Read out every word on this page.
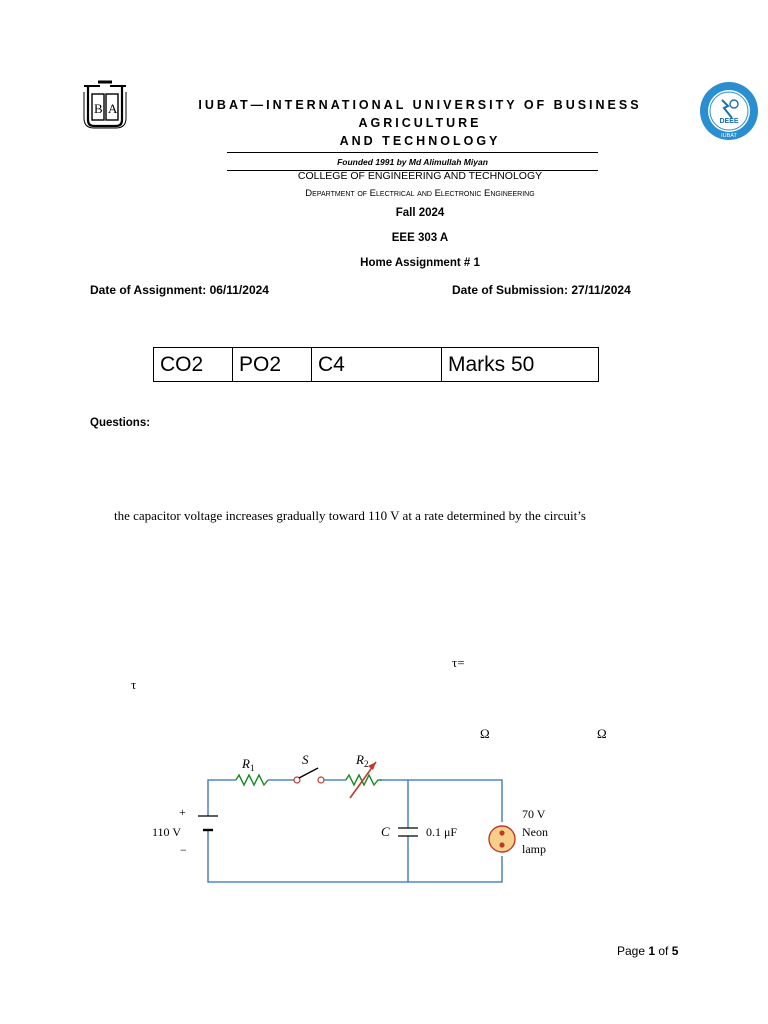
B A	IUBAT—INTERNATIONAL UNIVERSITY OF BUSINESS AGRICULTURE
AND TECHNOLOGY
DEEE
IUBAT
Founded 1991 by Md Alimullah Miyan
COLLEGE OF ENGINEERING AND TECHNOLOGY
Department of Electrical and Electronic Engineering
Fall 2024
EEE 303 A
Home Assignment # 1
Date of Assignment: 06/11/2024	Date of Submission: 27/11/2024
CO2	PO2	C4	Marks 50
Questions:
the capacitor voltage increases gradually toward 110 V at a rate determined by the circuit’s
τ=
τ
Ω	Ω
$R_1$
S	$R_2$
+
110 V
−
C	0.1 μF
70 V
Neon
lamp
Page 1 of 5
